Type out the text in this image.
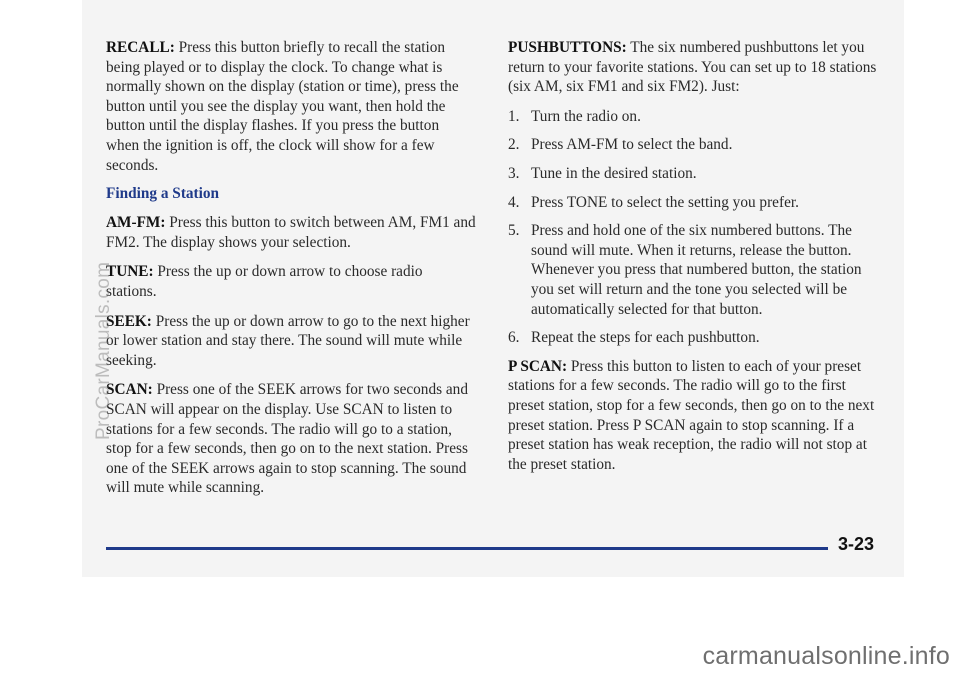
RECALL: Press this button briefly to recall the station being played or to display the clock. To change what is normally shown on the display (station or time), press the button until you see the display you want, then hold the button until the display flashes. If you press the button when the ignition is off, the clock will show for a few seconds.

Finding a Station

AM-FM: Press this button to switch between AM, FM1 and FM2. The display shows your selection.

TUNE: Press the up or down arrow to choose radio stations.

SEEK: Press the up or down arrow to go to the next higher or lower station and stay there. The sound will mute while seeking.

SCAN: Press one of the SEEK arrows for two seconds and SCAN will appear on the display. Use SCAN to listen to stations for a few seconds. The radio will go to a station, stop for a few seconds, then go on to the next station. Press one of the SEEK arrows again to stop scanning. The sound will mute while scanning.

PUSHBUTTONS: The six numbered pushbuttons let you return to your favorite stations. You can set up to 18 stations (six AM, six FM1 and six FM2). Just:

1. Turn the radio on.
2. Press AM-FM to select the band.
3. Tune in the desired station.
4. Press TONE to select the setting you prefer.
5. Press and hold one of the six numbered buttons. The sound will mute. When it returns, release the button. Whenever you press that numbered button, the station you set will return and the tone you selected will be automatically selected for that button.
6. Repeat the steps for each pushbutton.

P SCAN: Press this button to listen to each of your preset stations for a few seconds. The radio will go to the first preset station, stop for a few seconds, then go on to the next preset station. Press P SCAN again to stop scanning. If a preset station has weak reception, the radio will not stop at the preset station.

3-23
ProCarManuals.com
carmanualsonline.info
